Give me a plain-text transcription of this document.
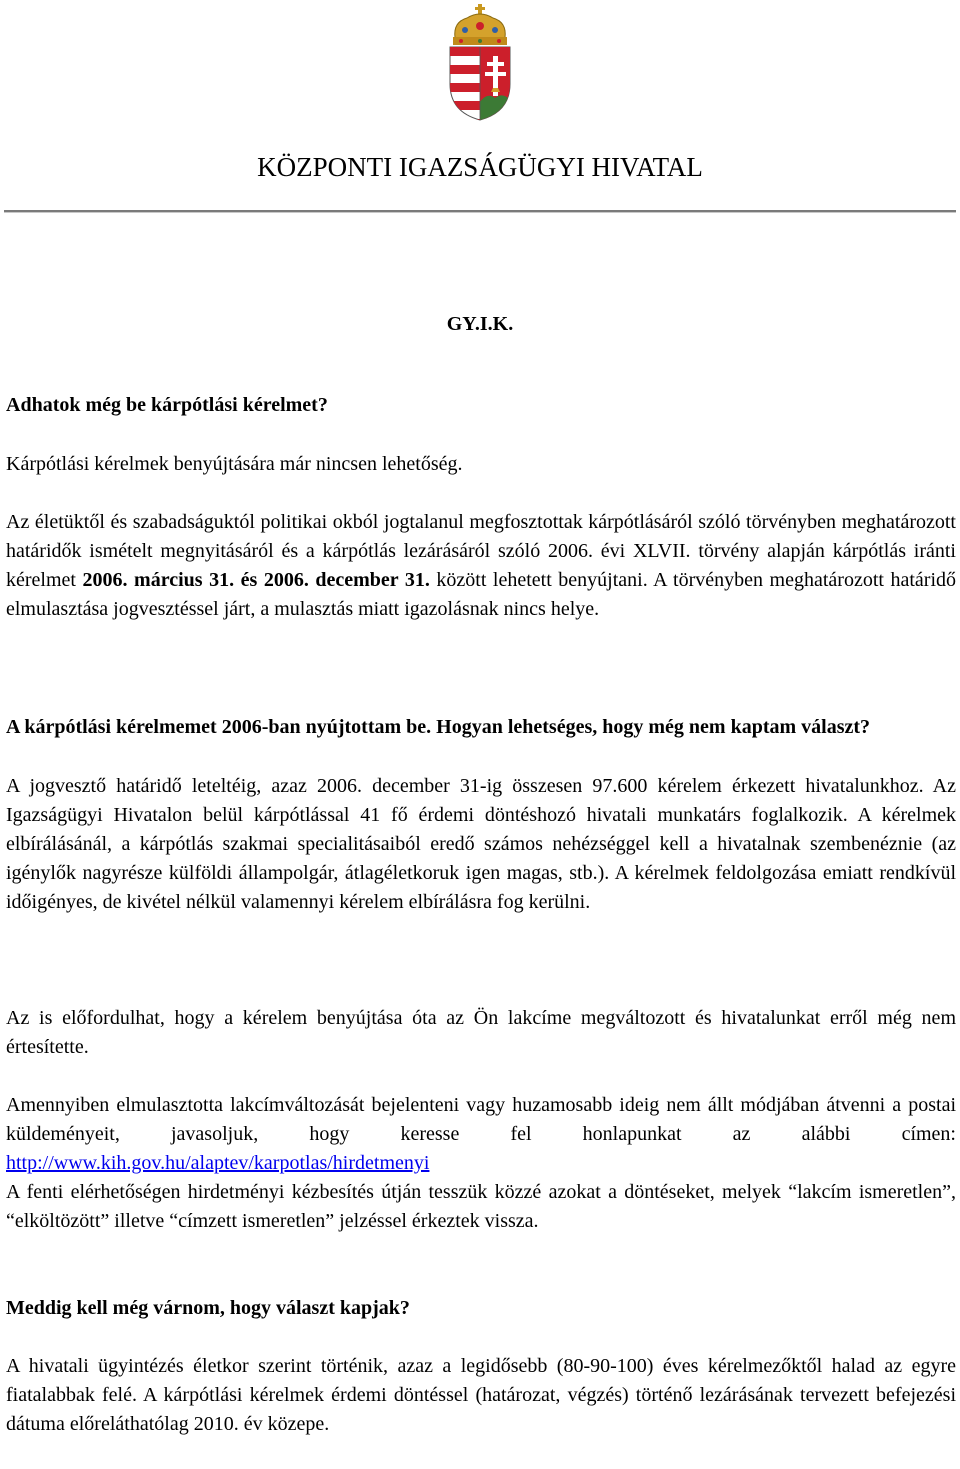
KÖZPONTI IGAZSÁGÜGYI HIVATAL
GY.I.K.

Adhatok még be kárpótlási kérelmet?

Kárpótlási kérelmek benyújtására már nincsen lehetőség.

Az életüktől és szabadságuktól politikai okból jogtalanul megfosztottak kárpótlásáról szóló törvényben meghatározott határidők ismételt megnyitásáról és a kárpótlás lezárásáról szóló 2006. évi XLVII. törvény alapján kárpótlás iránti kérelmet 2006. március 31. és 2006. december 31. között lehetett benyújtani. A törvényben meghatározott határidő elmulasztása jogvesztéssel járt, a mulasztás miatt igazolásnak nincs helye.

A kárpótlási kérelmemet 2006-ban nyújtottam be. Hogyan lehetséges, hogy még nem kaptam választ?

A jogvesztő határidő leteltéig, azaz 2006. december 31-ig összesen 97.600 kérelem érkezett hivatalunkhoz. Az Igazságügyi Hivatalon belül kárpótlással 41 fő érdemi döntéshozó hivatali munkatárs foglalkozik. A kérelmek elbírálásánál, a kárpótlás szakmai specialitásaiból eredő számos nehézséggel kell a hivatalnak szembenéznie (az igénylők nagyrésze külföldi állampolgár, átlagéletkoruk igen magas, stb.). A kérelmek feldolgozása emiatt rendkívül időigényes, de kivétel nélkül valamennyi kérelem elbírálásra fog kerülni.

Az is előfordulhat, hogy a kérelem benyújtása óta az Ön lakcíme megváltozott és hivatalunkat erről még nem értesítette.

Amennyiben elmulasztotta lakcímváltozását bejelenteni vagy huzamosabb ideig nem állt módjában átvenni a postai küldeményeit, javasoljuk, hogy keresse fel honlapunkat az alábbi címen: http://www.kih.gov.hu/alaptev/karpotlas/hirdetmenyi
A fenti elérhetőségen hirdetményi kézbesítés útján tesszük közzé azokat a döntéseket, melyek “lakcím ismeretlen”, “elköltözött” illetve “címzett ismeretlen” jelzéssel érkeztek vissza.

Meddig kell még várnom, hogy választ kapjak?

A hivatali ügyintézés életkor szerint történik, azaz a legidősebb (80-90-100) éves kérelmezőktől halad az egyre fiatalabbak felé. A kárpótlási kérelmek érdemi döntéssel (határozat, végzés) történő lezárásának tervezett befejezési dátuma előreláthatólag 2010. év közepe.
